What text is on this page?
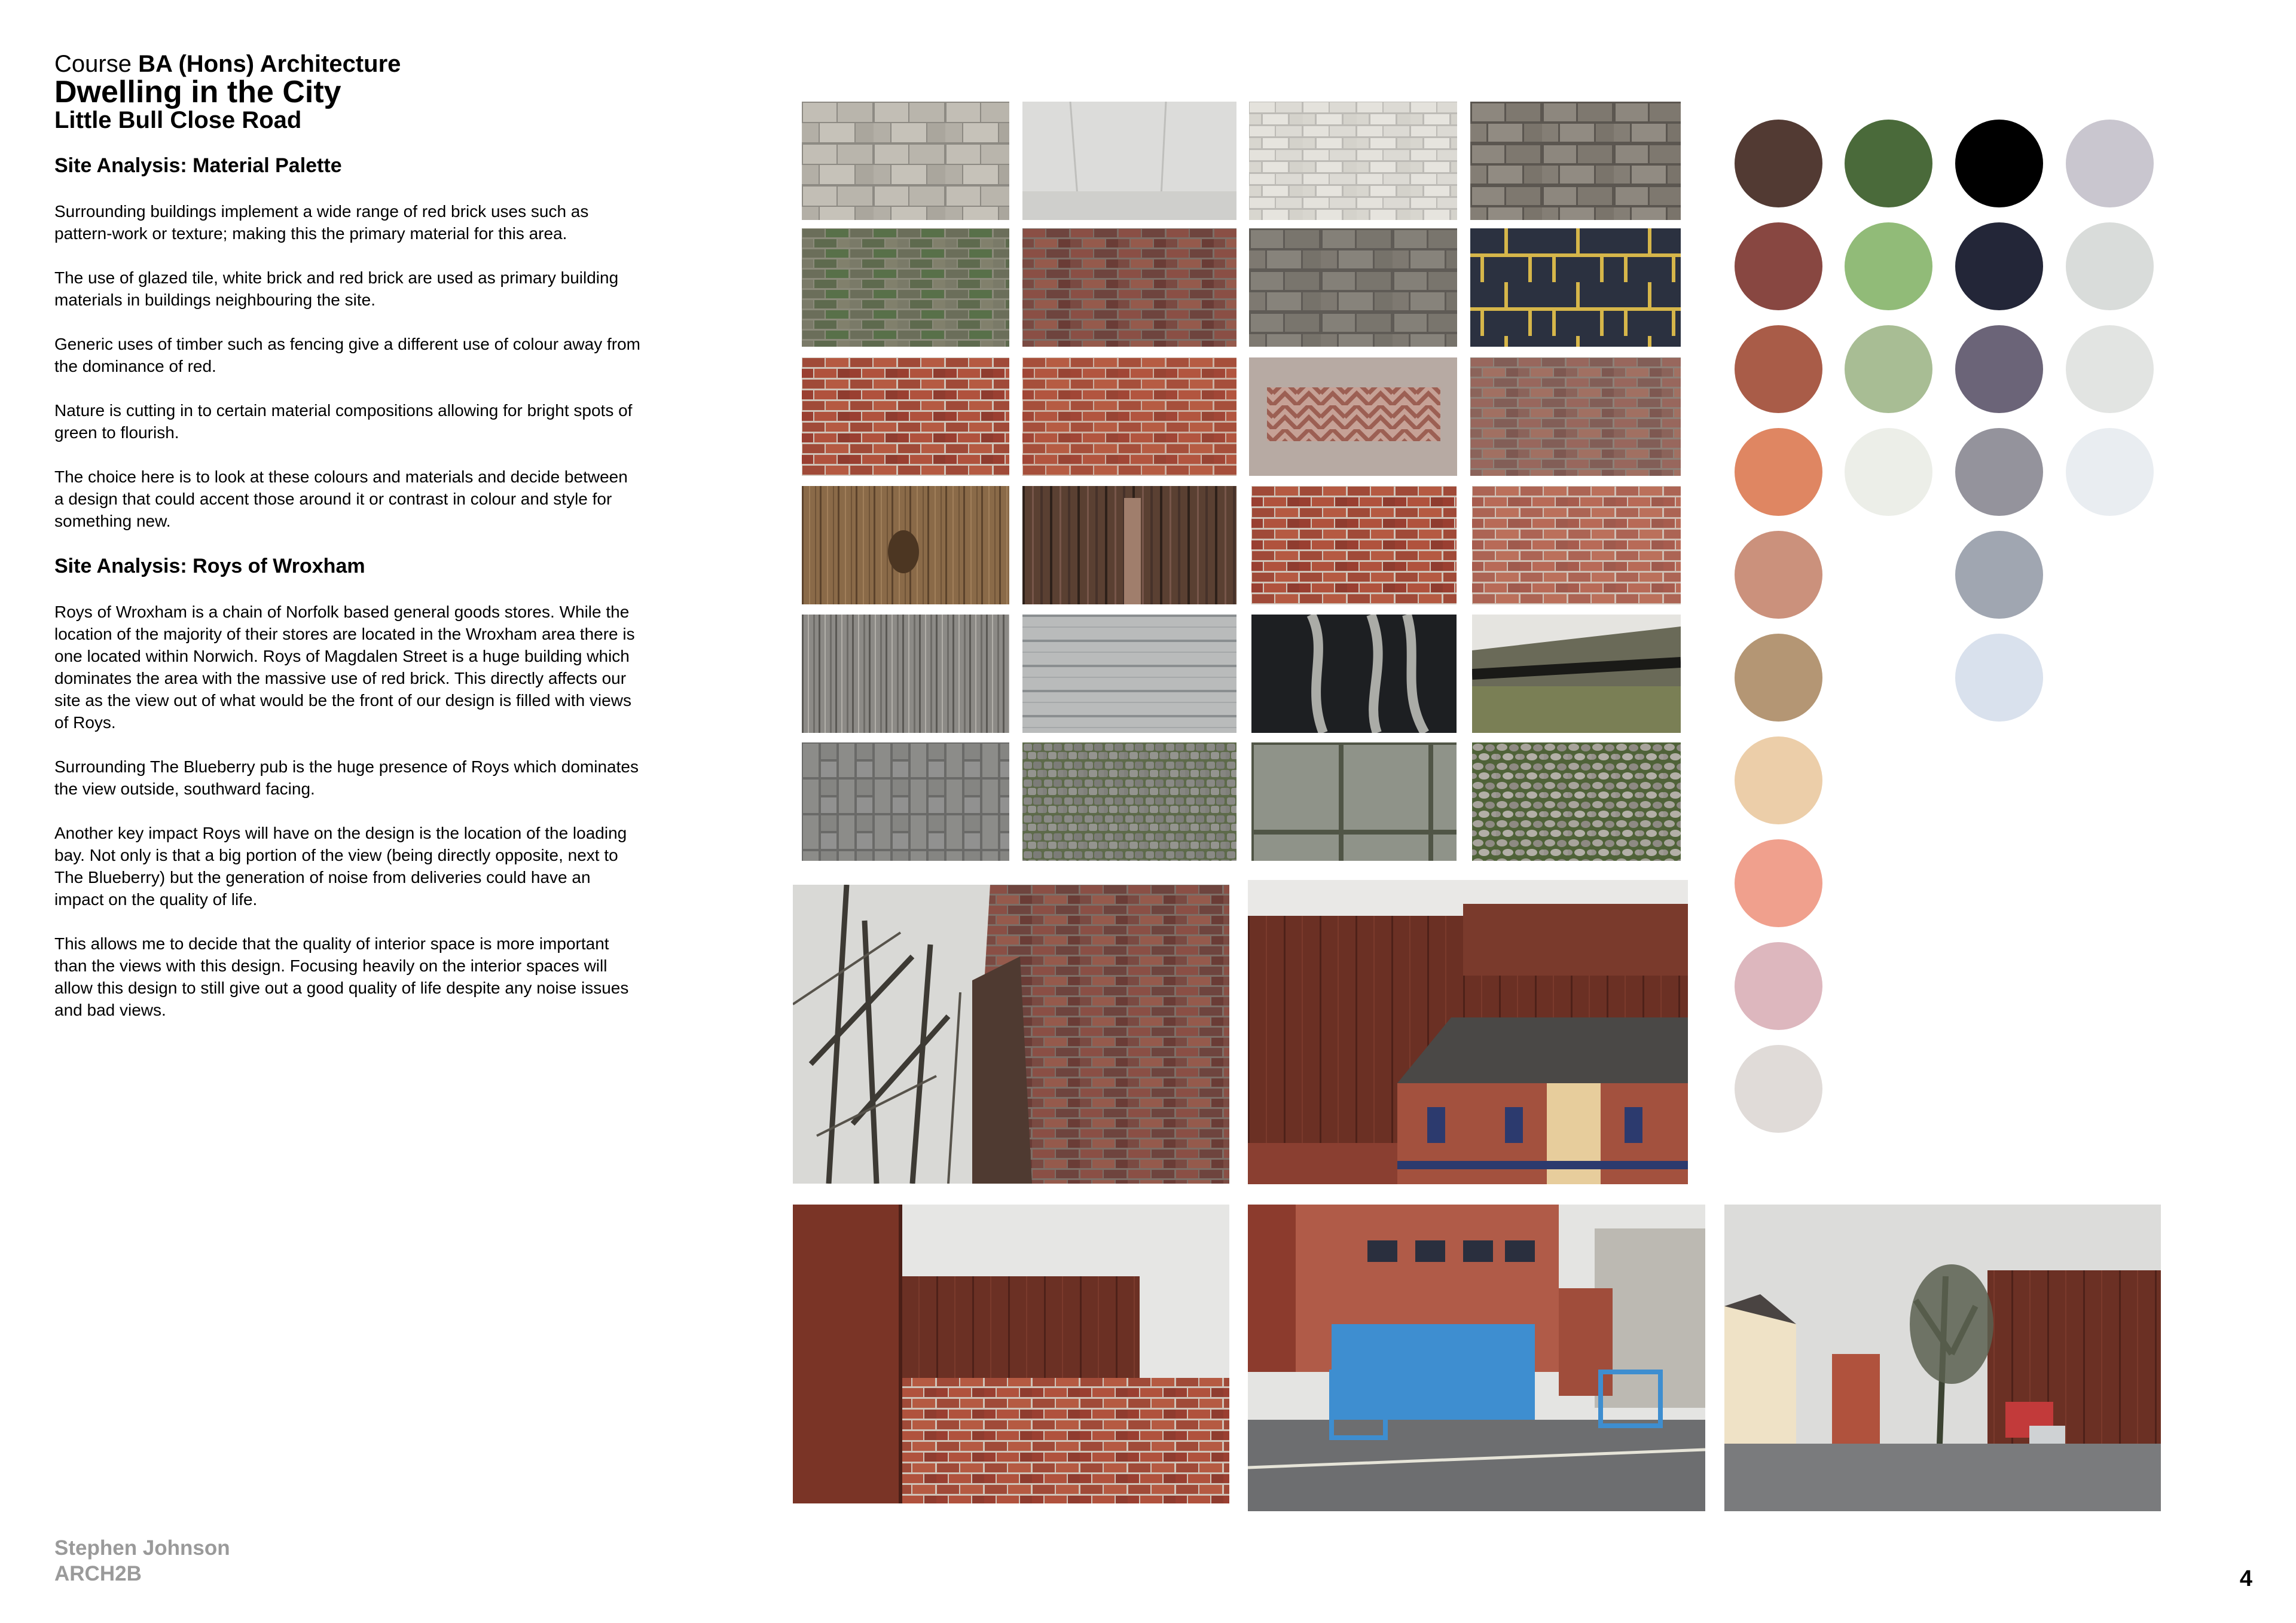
Course BA (Hons) Architecture
Dwelling in the City
Little Bull Close Road
Site Analysis: Material Palette

Surrounding buildings implement a wide range of red brick uses such as pattern-work or texture; making this the primary material for this area.

The use of glazed tile, white brick and red brick are used as primary building materials in buildings neighbouring the site.

Generic uses of timber such as fencing give a different use of colour away from the dominance of red.

Nature is cutting in to certain material compositions allowing for bright spots of green to flourish.

The choice here is to look at these colours and materials and decide between a design that could accent those around it or contrast in colour and style for something new.

Site Analysis: Roys of Wroxham

Roys of Wroxham is a chain of Norfolk based general goods stores. While the location of the majority of their stores are located in the Wroxham area there is one located within Norwich. Roys of Magdalen Street is a huge building which dominates the area with the massive use of red brick. This directly affects our site as the view out of what would be the front of our design is filled with views of Roys.

Surrounding The Blueberry pub is the huge presence of Roys which dominates the view outside, southward facing.

Another key impact Roys will have on the design is the location of the loading bay. Not only is that a big portion of the view (being directly opposite, next to The Blueberry) but the generation of noise from deliveries could have an impact on the quality of life.

This allows me to decide that the quality of interior space is more important than the views with this design. Focusing heavily on the interior spaces will allow this design to still give out a good quality of life despite any noise issues and bad views.

Stephen Johnson
ARCH2B	4
